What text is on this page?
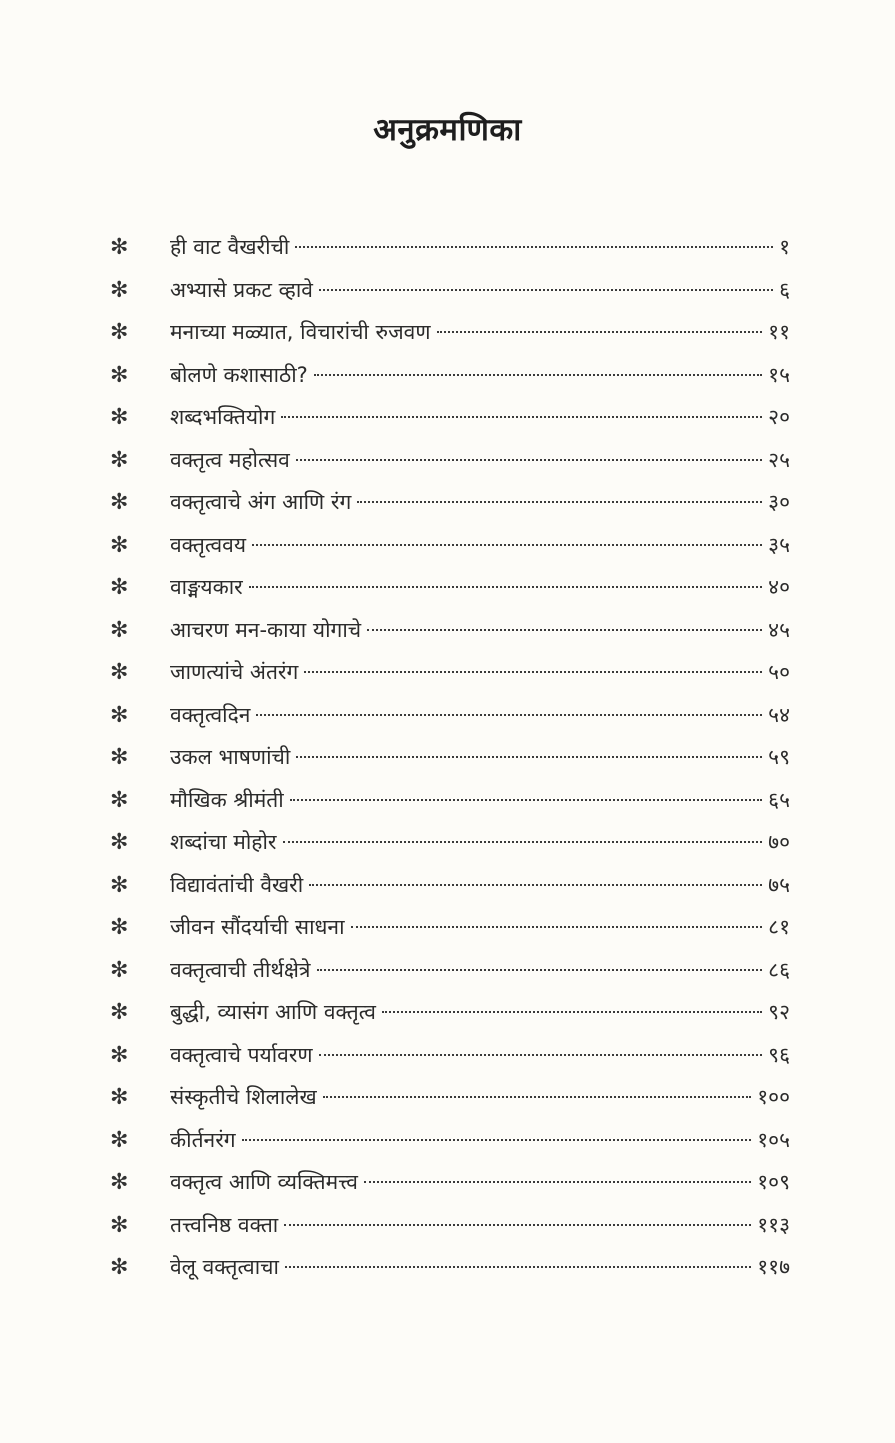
अनुक्रमणिका
✻	ही वाट वैखरीची	१
✻	अभ्यासे प्रकट व्हावे	६
✻	मनाच्या मळ्यात, विचारांची रुजवण	११
✻	बोलणे कशासाठी?	१५
✻	शब्दभक्तियोग	२०
✻	वक्तृत्व महोत्सव	२५
✻	वक्तृत्वाचे अंग आणि रंग	३०
✻	वक्तृत्ववय	३५
✻	वाङ्मयकार	४०
✻	आचरण मन-काया योगाचे	४५
✻	जाणत्यांचे अंतरंग	५०
✻	वक्तृत्वदिन	५४
✻	उकल भाषणांची	५९
✻	मौखिक श्रीमंती	६५
✻	शब्दांचा मोहोर	७०
✻	विद्यावंतांची वैखरी	७५
✻	जीवन सौंदर्याची साधना	८१
✻	वक्तृत्वाची तीर्थक्षेत्रे	८६
✻	बुद्धी, व्यासंग आणि वक्तृत्व	९२
✻	वक्तृत्वाचे पर्यावरण	९६
✻	संस्कृतीचे शिलालेख	१००
✻	कीर्तनरंग	१०५
✻	वक्तृत्व आणि व्यक्तिमत्त्व	१०९
✻	तत्त्वनिष्ठ वक्ता	११३
✻	वेलू वक्तृत्वाचा	११७
